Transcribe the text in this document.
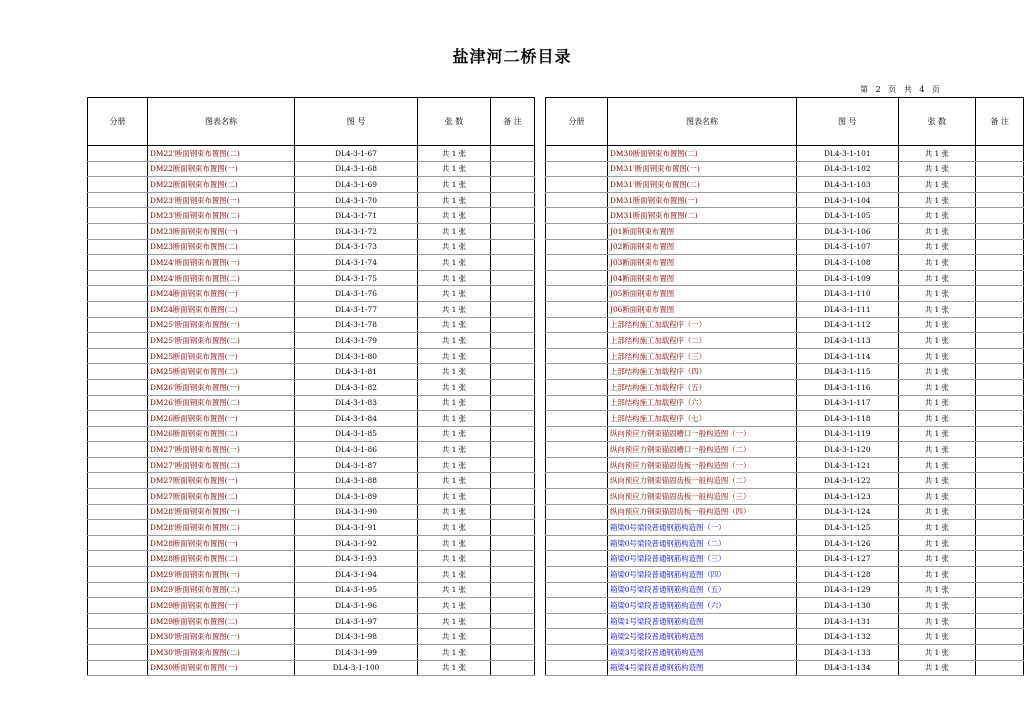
盐津河二桥目录
第 2 页 共 4 页
分册	图表名称	图 号	张 数	备 注
	DM22'断面钢束布置图(二)	DL4-3-1-67	共 1 张	
	DM22断面钢束布置图(一)	DL4-3-1-68	共 1 张	
	DM22断面钢束布置图(二)	DL4-3-1-69	共 1 张	
	DM23'断面钢束布置图(一)	DL4-3-1-70	共 1 张	
	DM23'断面钢束布置图(二)	DL4-3-1-71	共 1 张	
	DM23断面钢束布置图(一)	DL4-3-1-72	共 1 张	
	DM23断面钢束布置图(二)	DL4-3-1-73	共 1 张	
	DM24'断面钢束布置图(一)	DL4-3-1-74	共 1 张	
	DM24'断面钢束布置图(二)	DL4-3-1-75	共 1 张	
	DM24断面钢束布置图(一)	DL4-3-1-76	共 1 张	
	DM24断面钢束布置图(二)	DL4-3-1-77	共 1 张	
	DM25'断面钢束布置图(一)	DL4-3-1-78	共 1 张	
	DM25'断面钢束布置图(二)	DL4-3-1-79	共 1 张	
	DM25断面钢束布置图(一)	DL4-3-1-80	共 1 张	
	DM25断面钢束布置图(二)	DL4-3-1-81	共 1 张	
	DM26'断面钢束布置图(一)	DL4-3-1-82	共 1 张	
	DM26'断面钢束布置图(二)	DL4-3-1-83	共 1 张	
	DM26断面钢束布置图(一)	DL4-3-1-84	共 1 张	
	DM26断面钢束布置图(二)	DL4-3-1-85	共 1 张	
	DM27'断面钢束布置图(一)	DL4-3-1-86	共 1 张	
	DM27'断面钢束布置图(二)	DL4-3-1-87	共 1 张	
	DM27断面钢束布置图(一)	DL4-3-1-88	共 1 张	
	DM27断面钢束布置图(二)	DL4-3-1-89	共 1 张	
	DM28'断面钢束布置图(一)	DL4-3-1-90	共 1 张	
	DM28'断面钢束布置图(二)	DL4-3-1-91	共 1 张	
	DM28断面钢束布置图(一)	DL4-3-1-92	共 1 张	
	DM28断面钢束布置图(二)	DL4-3-1-93	共 1 张	
	DM29'断面钢束布置图(一)	DL4-3-1-94	共 1 张	
	DM29'断面钢束布置图(二)	DL4-3-1-95	共 1 张	
	DM29断面钢束布置图(一)	DL4-3-1-96	共 1 张	
	DM29断面钢束布置图(二)	DL4-3-1-97	共 1 张	
	DM30'断面钢束布置图(一)	DL4-3-1-98	共 1 张	
	DM30'断面钢束布置图(二)	DL4-3-1-99	共 1 张	
	DM30断面钢束布置图(一)	DL4-3-1-100	共 1 张	
分册	图表名称	图 号	张 数	备 注
	DM30断面钢束布置图(二)	DL4-3-1-101	共 1 张	
	DM31'断面钢束布置图(一)	DL4-3-1-102	共 1 张	
	DM31'断面钢束布置图(二)	DL4-3-1-103	共 1 张	
	DM31断面钢束布置图(一)	DL4-3-1-104	共 1 张	
	DM31断面钢束布置图(二)	DL4-3-1-105	共 1 张	
	J01断面钢束布置图	DL4-3-1-106	共 1 张	
	J02断面钢束布置图	DL4-3-1-107	共 1 张	
	J03断面钢束布置图	DL4-3-1-108	共 1 张	
	J04断面钢束布置图	DL4-3-1-109	共 1 张	
	J05断面钢束布置图	DL4-3-1-110	共 1 张	
	J06断面钢束布置图	DL4-3-1-111	共 1 张	
	上部结构施工加载程序（一）	DL4-3-1-112	共 1 张	
	上部结构施工加载程序（二）	DL4-3-1-113	共 1 张	
	上部结构施工加载程序（三）	DL4-3-1-114	共 1 张	
	上部结构施工加载程序（四）	DL4-3-1-115	共 1 张	
	上部结构施工加载程序（五）	DL4-3-1-116	共 1 张	
	上部结构施工加载程序（六）	DL4-3-1-117	共 1 张	
	上部结构施工加载程序（七）	DL4-3-1-118	共 1 张	
	纵向预应力钢束锚固槽口一般构造图（一）	DL4-3-1-119	共 1 张	
	纵向预应力钢束锚固槽口一般构造图（二）	DL4-3-1-120	共 1 张	
	纵向预应力钢束锚固齿板一般构造图（一）	DL4-3-1-121	共 1 张	
	纵向预应力钢束锚固齿板一般构造图（二）	DL4-3-1-122	共 1 张	
	纵向预应力钢束锚固齿板一般构造图（三）	DL4-3-1-123	共 1 张	
	纵向预应力钢束锚固齿板一般构造图（四）	DL4-3-1-124	共 1 张	
	箱梁0号梁段普通钢筋构造图（一）	DL4-3-1-125	共 1 张	
	箱梁0号梁段普通钢筋构造图（二）	DL4-3-1-126	共 1 张	
	箱梁0号梁段普通钢筋构造图（三）	DL4-3-1-127	共 1 张	
	箱梁0号梁段普通钢筋构造图（四）	DL4-3-1-128	共 1 张	
	箱梁0号梁段普通钢筋构造图（五）	DL4-3-1-129	共 1 张	
	箱梁0号梁段普通钢筋构造图（六）	DL4-3-1-130	共 1 张	
	箱梁1号梁段普通钢筋构造图	DL4-3-1-131	共 1 张	
	箱梁2号梁段普通钢筋构造图	DL4-3-1-132	共 1 张	
	箱梁3号梁段普通钢筋构造图	DL4-3-1-133	共 1 张	
	箱梁4号梁段普通钢筋构造图	DL4-3-1-134	共 1 张	
